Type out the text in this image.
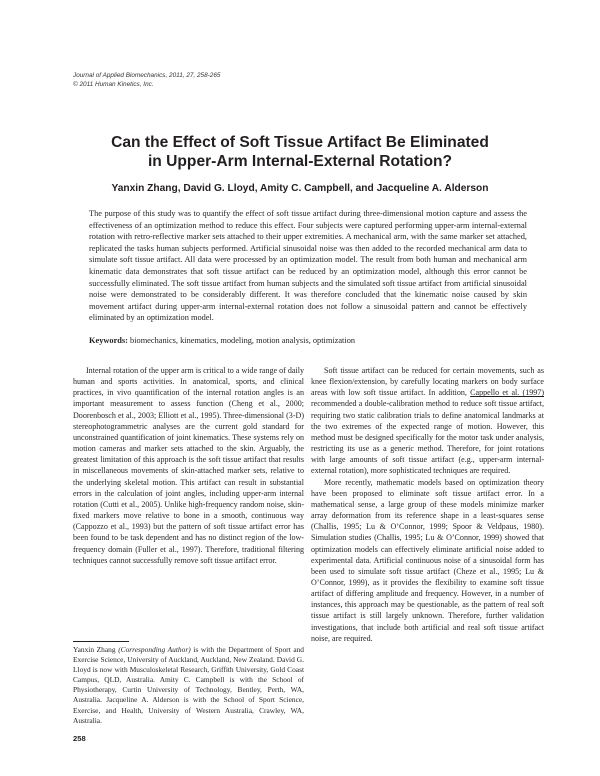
Journal of Applied Biomechanics, 2011, 27, 258-265
© 2011 Human Kinetics, Inc.
Can the Effect of Soft Tissue Artifact Be Eliminated
in Upper-Arm Internal-External Rotation?
Yanxin Zhang, David G. Lloyd, Amity C. Campbell, and Jacqueline A. Alderson

The purpose of this study was to quantify the effect of soft tissue artifact during three-dimensional motion capture and assess the effectiveness of an optimization method to reduce this effect. Four subjects were captured performing upper-arm internal-external rotation with retro-reflective marker sets attached to their upper extremities. A mechanical arm, with the same marker set attached, replicated the tasks human subjects performed. Artificial sinusoidal noise was then added to the recorded mechanical arm data to simulate soft tissue artifact. All data were processed by an optimization model. The result from both human and mechanical arm kinematic data demonstrates that soft tissue artifact can be reduced by an optimization model, although this error cannot be successfully eliminated. The soft tissue artifact from human subjects and the simulated soft tissue artifact from artificial sinusoidal noise were demonstrated to be considerably different. It was therefore concluded that the kinematic noise caused by skin movement artifact during upper-arm internal-external rotation does not follow a sinusoidal pattern and cannot be effectively eliminated by an optimization model.

Keywords: biomechanics, kinematics, modeling, motion analysis, optimization

Internal rotation of the upper arm is critical to a wide range of daily human and sports activities. In anatomical, sports, and clinical practices, in vivo quantification of the internal rotation angles is an important measurement to assess function (Cheng et al., 2000; Doorenbosch et al., 2003; Elliott et al., 1995). Three-dimensional (3-D) stereophotogrammetric analyses are the current gold standard for unconstrained quantification of joint kinematics. These systems rely on motion cameras and marker sets attached to the skin. Arguably, the greatest limitation of this approach is the soft tissue artifact that results in miscellaneous movements of skin-attached marker sets, relative to the underlying skeletal motion. This artifact can result in substantial errors in the calculation of joint angles, including upper-arm internal rotation (Cutti et al., 2005). Unlike high-frequency random noise, skin-fixed markers move relative to bone in a smooth, continuous way (Cappozzo et al., 1993) but the pattern of soft tissue artifact error has been found to be task dependent and has no distinct region of the low-frequency domain (Fuller et al., 1997). Therefore, traditional filtering techniques cannot successfully remove soft tissue artifact error.

Yanxin Zhang (Corresponding Author) is with the Department of Sport and Exercise Science, University of Auckland, Auckland, New Zealand. David G. Lloyd is now with Musculoskeletal Research, Griffith University, Gold Coast Campus, QLD, Australia. Amity C. Campbell is with the School of Physiotherapy, Curtin University of Technology, Bentley, Perth, WA, Australia. Jacqueline A. Alderson is with the School of Sport Science, Exercise, and Health, University of Western Australia, Crawley, WA, Australia.

Soft tissue artifact can be reduced for certain movements, such as knee flexion/extension, by carefully locating markers on body surface areas with low soft tissue artifact. In addition, Cappello et al. (1997) recommended a double-calibration method to reduce soft tissue artifact, requiring two static calibration trials to define anatomical landmarks at the two extremes of the expected range of motion. However, this method must be designed specifically for the motor task under analysis, restricting its use as a generic method. Therefore, for joint rotations with large amounts of soft tissue artifact (e.g., upper-arm internal-external rotation), more sophisticated techniques are required.

More recently, mathematic models based on optimization theory have been proposed to eliminate soft tissue artifact error. In a mathematical sense, a large group of these models minimize marker array deformation from its reference shape in a least-squares sense (Challis, 1995; Lu & O’Connor, 1999; Spoor & Veldpaus, 1980). Simulation studies (Challis, 1995; Lu & O’Connor, 1999) showed that optimization models can effectively eliminate artificial noise added to experimental data. Artificial continuous noise of a sinusoidal form has been used to simulate soft tissue artifact (Cheze et al., 1995; Lu & O’Connor, 1999), as it provides the flexibility to examine soft tissue artifact of differing amplitude and frequency. However, in a number of instances, this approach may be questionable, as the pattern of real soft tissue artifact is still largely unknown. Therefore, further validation investigations, that include both artificial and real soft tissue artifact noise, are required.

258
